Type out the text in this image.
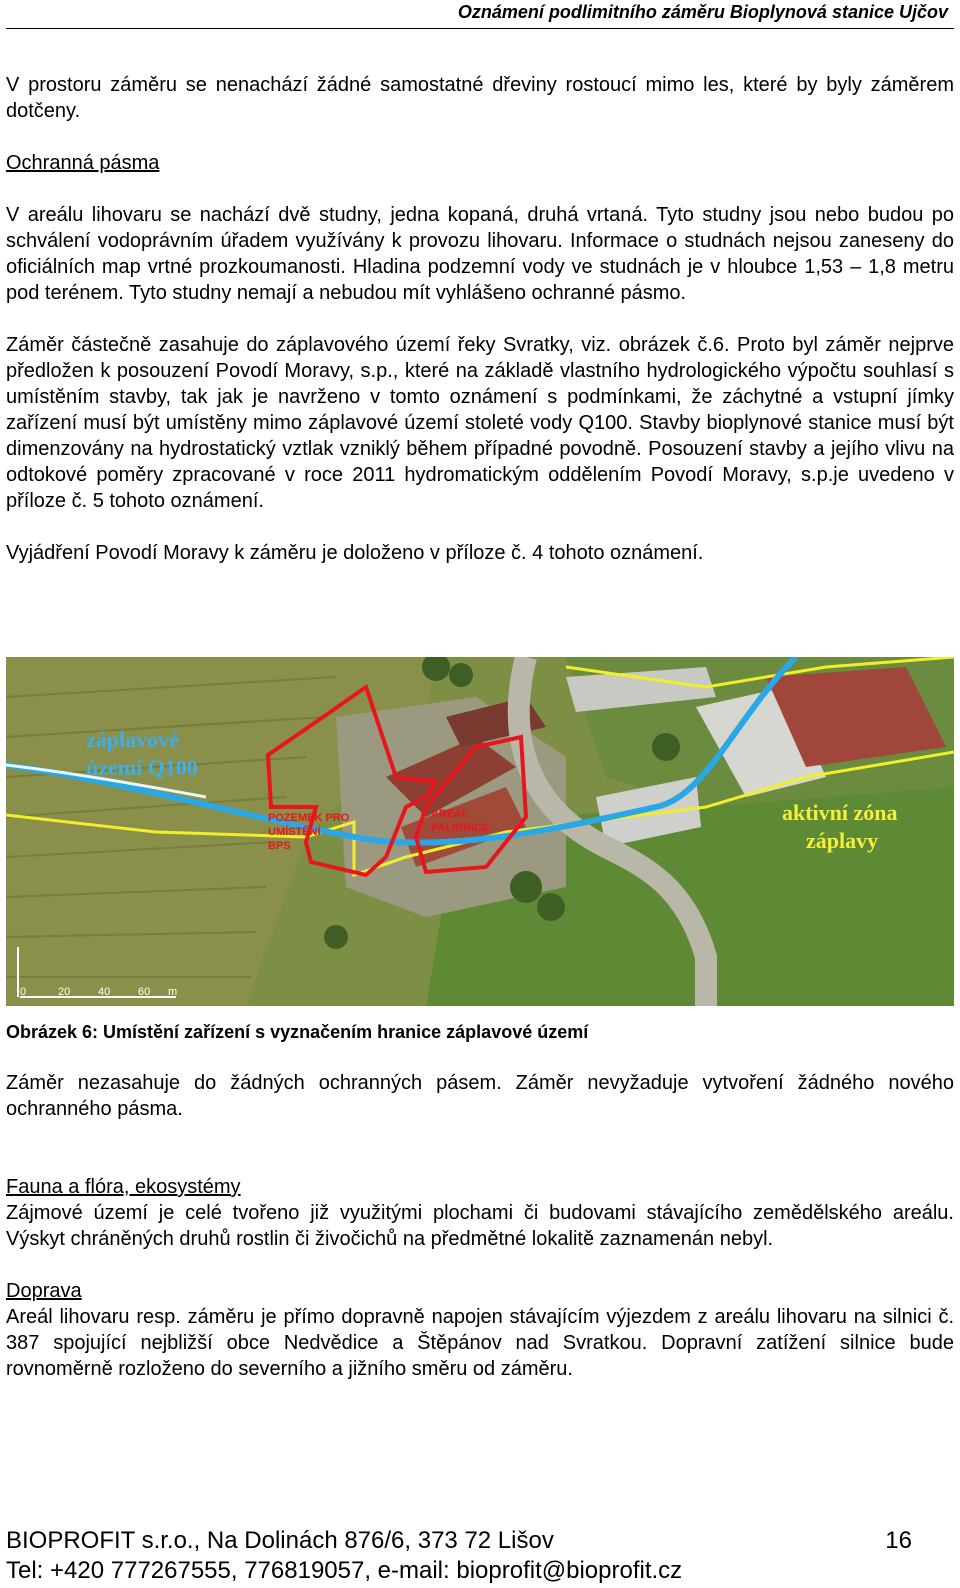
Oznámení podlimitního záměru Bioplynová stanice Ujčov

V prostoru záměru se nenachází žádné samostatné dřeviny rostoucí mimo les, které by byly záměrem dotčeny.

Ochranná pásma

V areálu lihovaru se nachází dvě studny, jedna kopaná, druhá vrtaná. Tyto studny jsou nebo budou po schválení vodoprávním úřadem využívány k provozu lihovaru. Informace o studnách nejsou zaneseny do oficiálních map vrtné prozkoumanosti. Hladina podzemní vody ve studnách je v hloubce 1,53 – 1,8 metru pod terénem. Tyto studny nemají a nebudou mít vyhlášeno ochranné pásmo.

Záměr částečně zasahuje do záplavového území řeky Svratky, viz. obrázek č.6. Proto byl záměr nejprve předložen k posouzení Povodí Moravy, s.p., které na základě vlastního hydrologického výpočtu souhlasí s umístěním stavby, tak jak je navrženo v tomto oznámení s podmínkami, že záchytné a vstupní jímky zařízení musí být umístěny mimo záplavové území stoleté vody Q100. Stavby bioplynové stanice musí být dimenzovány na hydrostatický vztlak vzniklý během případné povodně. Posouzení stavby a jejího vlivu na odtokové poměry zpracované v roce 2011 hydromatickým oddělením Povodí Moravy, s.p.je uvedeno v příloze č. 5 tohoto oznámení.

Vyjádření Povodí Moravy k záměru je doloženo v příloze č. 4 tohoto oznámení.

záplavové
území Q100
aktivní zóna
záplavy
POZEMEK PRO
UMÍSTĚNÍ
BPS
AREÁL
PALÍRNICE
0	20	40	60 m
Obrázek 6: Umístění zařízení s vyznačením hranice záplavové území

Záměr nezasahuje do žádných ochranných pásem. Záměr nevyžaduje vytvoření žádného nového ochranného pásma.

Fauna a flóra, ekosystémy

Zájmové území je celé tvořeno již využitými plochami či budovami stávajícího zemědělského areálu. Výskyt chráněných druhů rostlin či živočichů na předmětné lokalitě zaznamenán nebyl.

Doprava

Areál lihovaru resp. záměru je přímo dopravně napojen stávajícím výjezdem z areálu lihovaru na silnici č. 387 spojující nejbližší obce Nedvědice a Štěpánov nad Svratkou. Dopravní zatížení silnice bude rovnoměrně rozloženo do severního a jižního směru od záměru.

BIOPROFIT s.r.o., Na Dolinách 876/6, 373 72 Lišov
Tel: +420 777267555, 776819057, e-mail: bioprofit@bioprofit.cz
16
